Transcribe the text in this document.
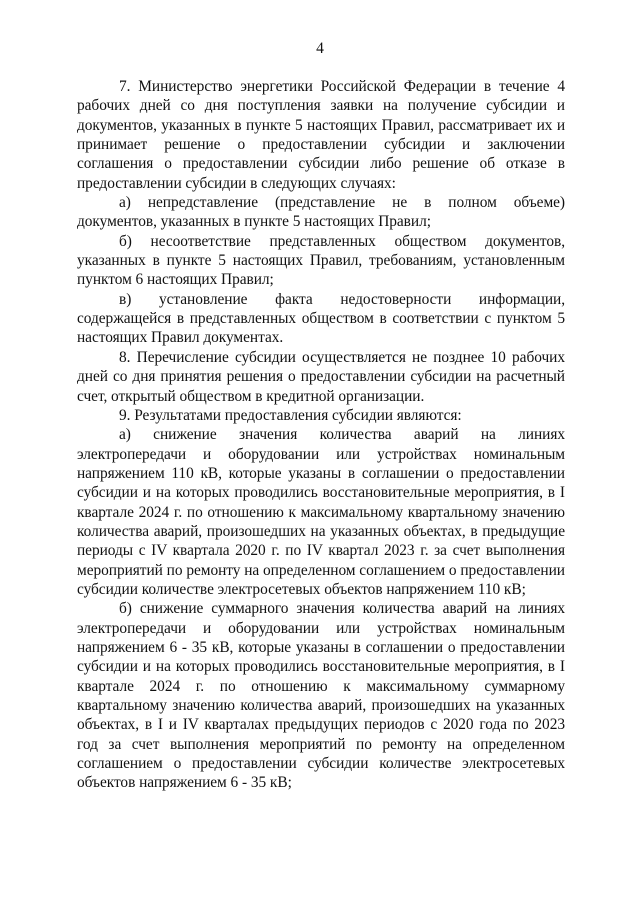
4

7. Министерство энергетики Российской Федерации в течение 4 рабочих дней со дня поступления заявки на получение субсидии и документов, указанных в пункте 5 настоящих Правил, рассматривает их и принимает решение о предоставлении субсидии и заключении соглашения о предоставлении субсидии либо решение об отказе в предоставлении субсидии в следующих случаях:

а) непредставление (представление не в полном объеме) документов, указанных в пункте 5 настоящих Правил;

б) несоответствие представленных обществом документов, указанных в пункте 5 настоящих Правил, требованиям, установленным пунктом 6 настоящих Правил;

в) установление факта недостоверности информации, содержащейся в представленных обществом в соответствии с пунктом 5 настоящих Правил документах.

8. Перечисление субсидии осуществляется не позднее 10 рабочих дней со дня принятия решения о предоставлении субсидии на расчетный счет, открытый обществом в кредитной организации.

9. Результатами предоставления субсидии являются:

а) снижение значения количества аварий на линиях электропередачи и оборудовании или устройствах номинальным напряжением 110 кВ, которые указаны в соглашении о предоставлении субсидии и на которых проводились восстановительные мероприятия, в I квартале 2024 г. по отношению к максимальному квартальному значению количества аварий, произошедших на указанных объектах, в предыдущие периоды с IV квартала 2020 г. по IV квартал 2023 г. за счет выполнения мероприятий по ремонту на определенном соглашением о предоставлении субсидии количестве электросетевых объектов напряжением 110 кВ;

б) снижение суммарного значения количества аварий на линиях электропередачи и оборудовании или устройствах номинальным напряжением 6 - 35 кВ, которые указаны в соглашении о предоставлении субсидии и на которых проводились восстановительные мероприятия, в I квартале 2024 г. по отношению к максимальному суммарному квартальному значению количества аварий, произошедших на указанных объектах, в I и IV кварталах предыдущих периодов с 2020 года по 2023 год за счет выполнения мероприятий по ремонту на определенном соглашением о предоставлении субсидии количестве электросетевых объектов напряжением 6 - 35 кВ;
